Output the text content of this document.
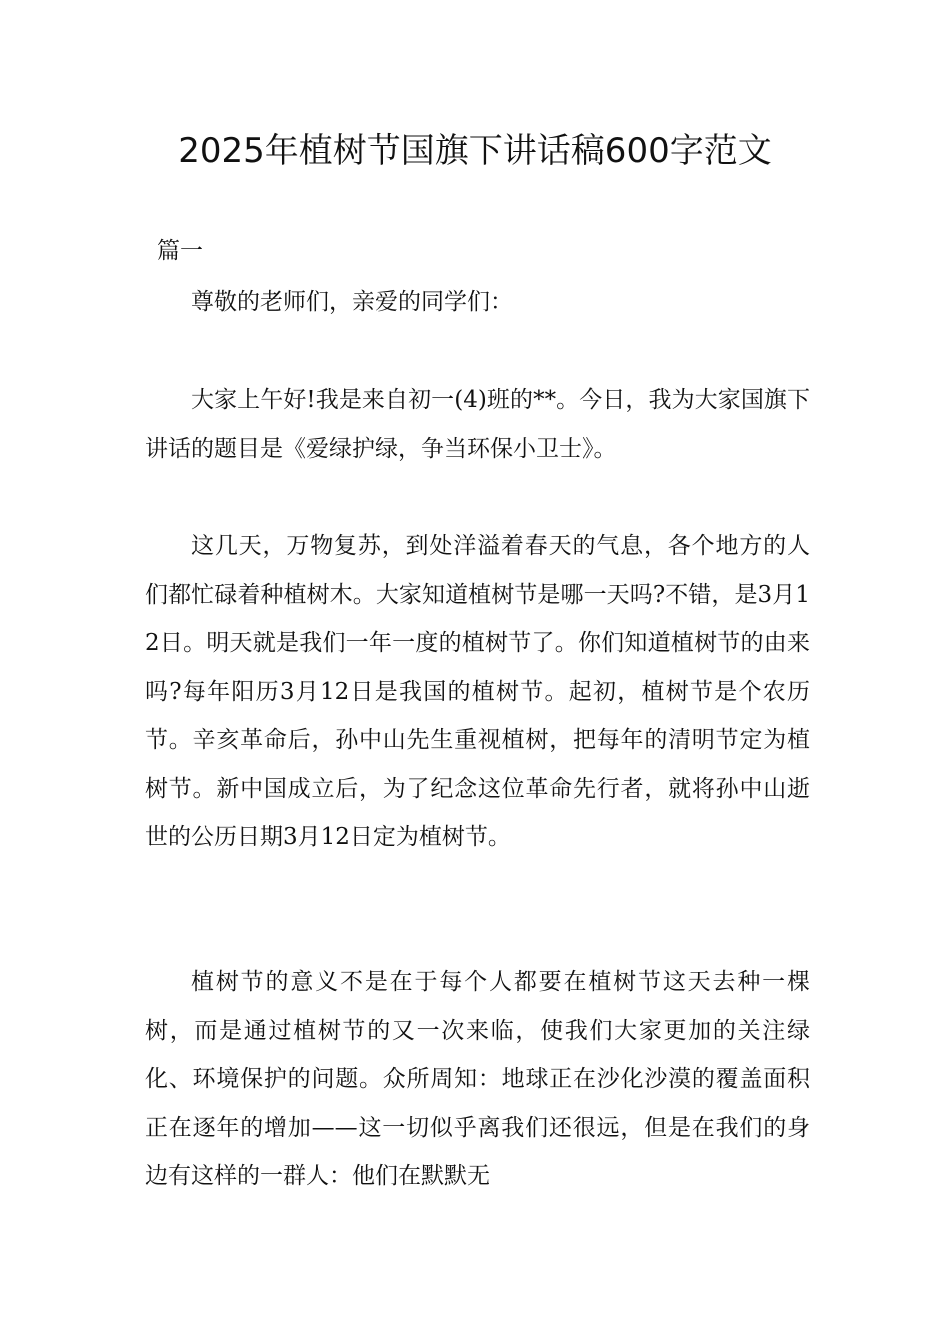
2025年植树节国旗下讲话稿600字范文
篇一

尊敬的老师们，亲爱的同学们：

大家上午好!我是来自初一(4)班的**。今日，我为大家国旗下讲话的题目是《爱绿护绿，争当环保小卫士》。

这几天，万物复苏，到处洋溢着春天的气息，各个地方的人们都忙碌着种植树木。大家知道植树节是哪一天吗?不错，是3月12日。明天就是我们一年一度的植树节了。你们知道植树节的由来吗?每年阳历3月12日是我国的植树节。起初，植树节是个农历节。辛亥革命后，孙中山先生重视植树，把每年的清明节定为植树节。新中国成立后，为了纪念这位革命先行者，就将孙中山逝世的公历日期3月12日定为植树节。

植树节的意义不是在于每个人都要在植树节这天去种一棵树，而是通过植树节的又一次来临，使我们大家更加的关注绿化、环境保护的问题。众所周知：地球正在沙化沙漠的覆盖面积正在逐年的增加——这一切似乎离我们还很远，但是在我们的身边有这样的一群人：他们在默默无
